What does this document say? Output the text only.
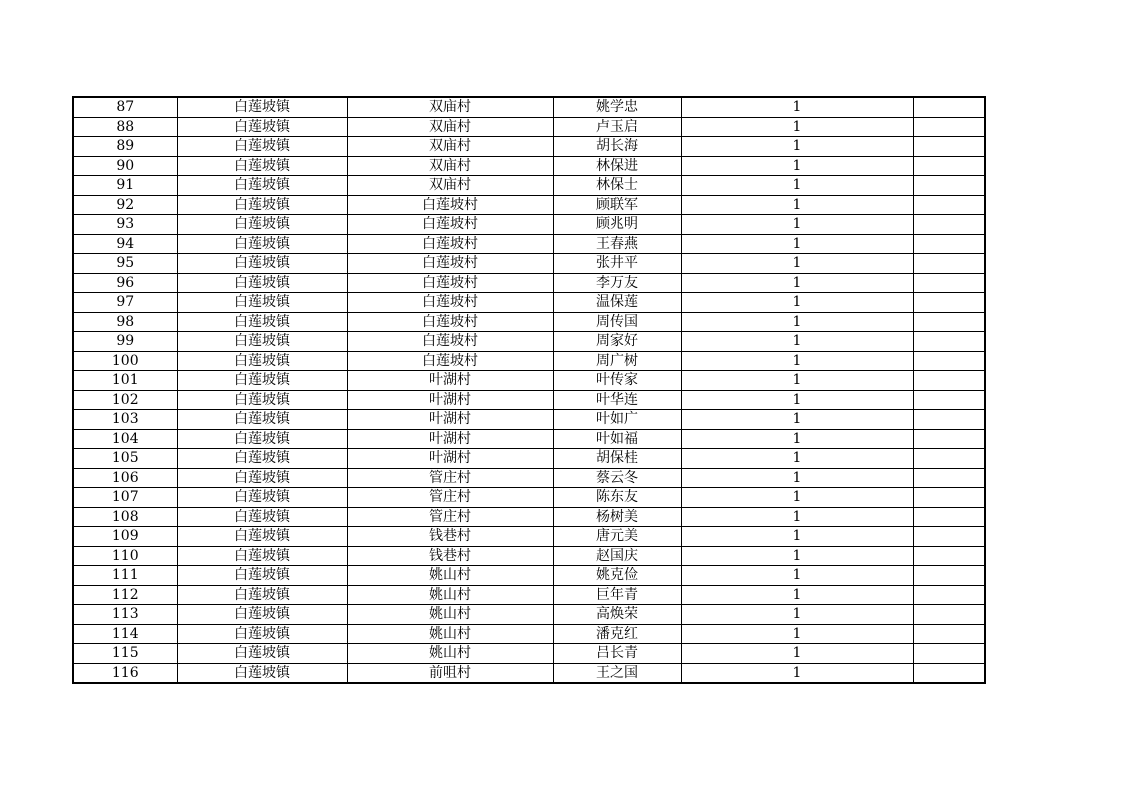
87	白莲坡镇	双庙村	姚学忠	1	
88	白莲坡镇	双庙村	卢玉启	1	
89	白莲坡镇	双庙村	胡长海	1	
90	白莲坡镇	双庙村	林保进	1	
91	白莲坡镇	双庙村	林保士	1	
92	白莲坡镇	白莲坡村	顾联军	1	
93	白莲坡镇	白莲坡村	顾兆明	1	
94	白莲坡镇	白莲坡村	王春燕	1	
95	白莲坡镇	白莲坡村	张井平	1	
96	白莲坡镇	白莲坡村	李万友	1	
97	白莲坡镇	白莲坡村	温保莲	1	
98	白莲坡镇	白莲坡村	周传国	1	
99	白莲坡镇	白莲坡村	周家好	1	
100	白莲坡镇	白莲坡村	周广树	1	
101	白莲坡镇	叶湖村	叶传家	1	
102	白莲坡镇	叶湖村	叶华连	1	
103	白莲坡镇	叶湖村	叶如广	1	
104	白莲坡镇	叶湖村	叶如福	1	
105	白莲坡镇	叶湖村	胡保桂	1	
106	白莲坡镇	管庄村	蔡云冬	1	
107	白莲坡镇	管庄村	陈东友	1	
108	白莲坡镇	管庄村	杨树美	1	
109	白莲坡镇	钱巷村	唐元美	1	
110	白莲坡镇	钱巷村	赵国庆	1	
111	白莲坡镇	姚山村	姚克俭	1	
112	白莲坡镇	姚山村	巨年青	1	
113	白莲坡镇	姚山村	高焕荣	1	
114	白莲坡镇	姚山村	潘克红	1	
115	白莲坡镇	姚山村	吕长青	1	
116	白莲坡镇	前咀村	王之国	1	
